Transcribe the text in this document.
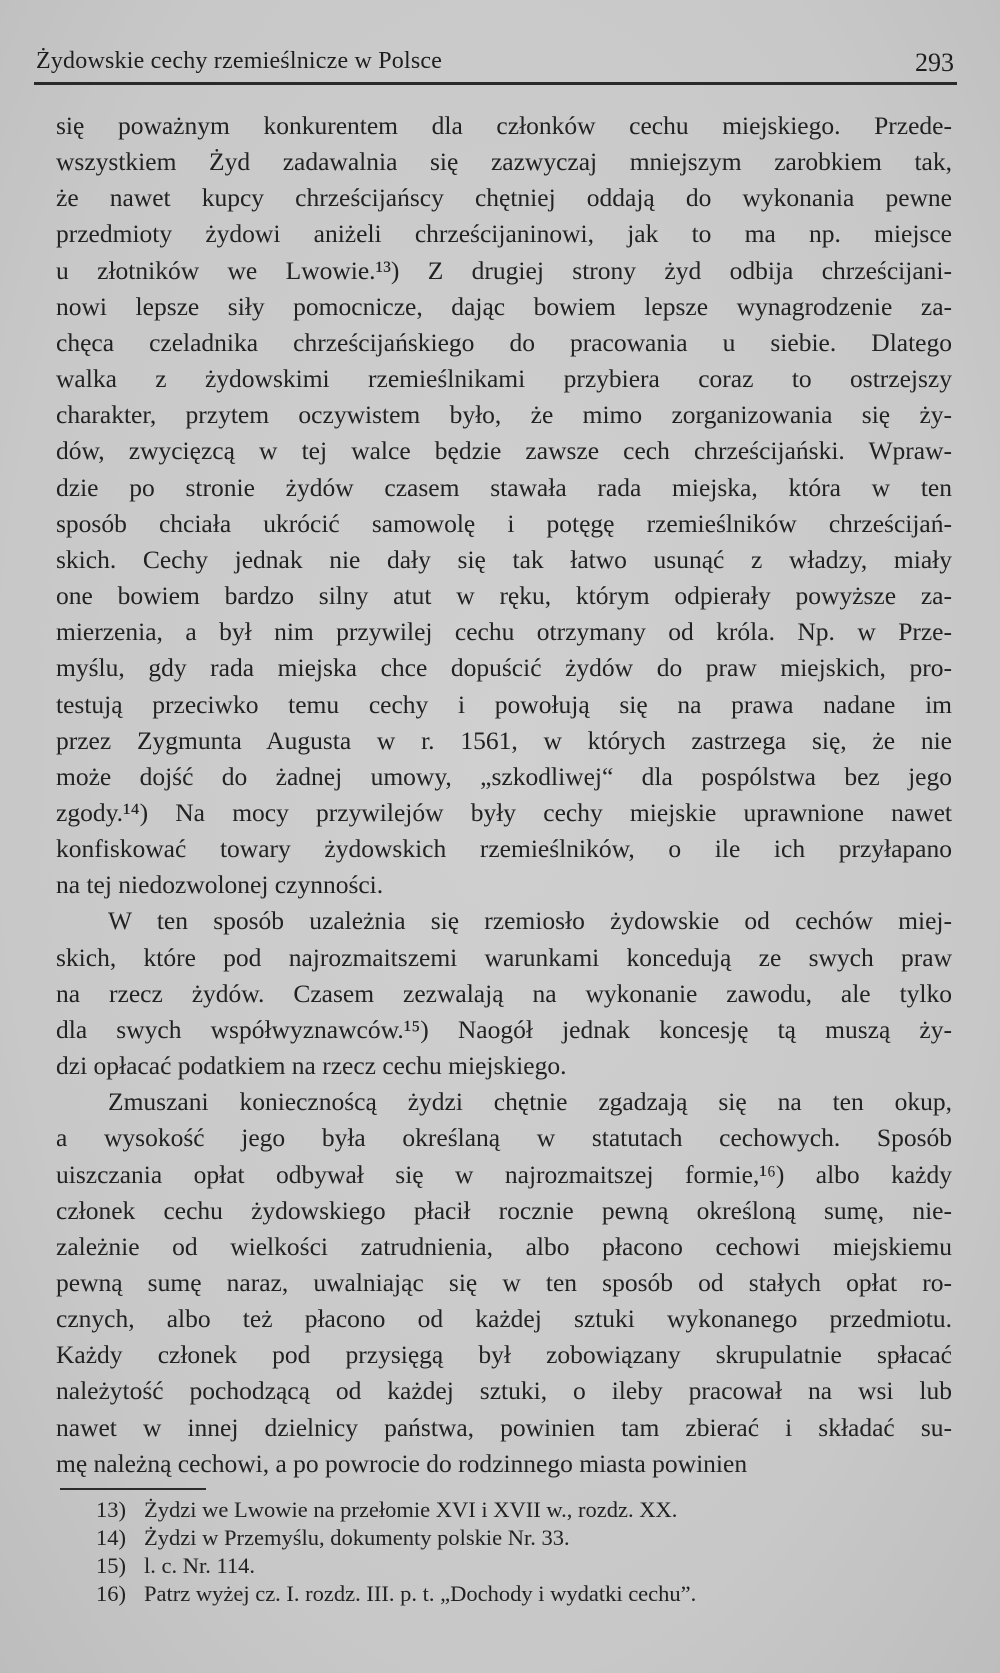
Żydowskie cechy rzemieślnicze w Polsce	293
się poważnym konkurentem dla członków cechu miejskiego. Przede-
wszystkiem Żyd zadawalnia się zazwyczaj mniejszym zarobkiem tak,
że nawet kupcy chrześcijańscy chętniej oddają do wykonania pewne
przedmioty żydowi aniżeli chrześcijaninowi, jak to ma np. miejsce
u złotników we Lwowie.¹³) Z drugiej strony żyd odbija chrześcijani-
nowi lepsze siły pomocnicze, dając bowiem lepsze wynagrodzenie za-
chęca czeladnika chrześcijańskiego do pracowania u siebie. Dlatego
walka z żydowskimi rzemieślnikami przybiera coraz to ostrzejszy
charakter, przytem oczywistem było, że mimo zorganizowania się ży-
dów, zwycięzcą w tej walce będzie zawsze cech chrześcijański. Wpraw-
dzie po stronie żydów czasem stawała rada miejska, która w ten
sposób chciała ukrócić samowolę i potęgę rzemieślników chrześcijań-
skich. Cechy jednak nie dały się tak łatwo usunąć z władzy, miały
one bowiem bardzo silny atut w ręku, którym odpierały powyższe za-
mierzenia, a był nim przywilej cechu otrzymany od króla. Np. w Prze-
myślu, gdy rada miejska chce dopuścić żydów do praw miejskich, pro-
testują przeciwko temu cechy i powołują się na prawa nadane im
przez Zygmunta Augusta w r. 1561, w których zastrzega się, że nie
może dojść do żadnej umowy, „szkodliwej“ dla pospólstwa bez jego
zgody.¹⁴) Na mocy przywilejów były cechy miejskie uprawnione nawet
konfiskować towary żydowskich rzemieślników, o ile ich przyłapano
na tej niedozwolonej czynności.
W ten sposób uzależnia się rzemiosło żydowskie od cechów miej-
skich, które pod najrozmaitszemi warunkami koncedują ze swych praw
na rzecz żydów. Czasem zezwalają na wykonanie zawodu, ale tylko
dla swych współwyznawców.¹⁵) Naogół jednak koncesję tą muszą ży-
dzi opłacać podatkiem na rzecz cechu miejskiego.
Zmuszani koniecznoścą żydzi chętnie zgadzają się na ten okup,
a wysokość jego była określaną w statutach cechowych. Sposób
uiszczania opłat odbywał się w najrozmaitszej formie,¹⁶) albo każdy
członek cechu żydowskiego płacił rocznie pewną określoną sumę, nie-
zależnie od wielkości zatrudnienia, albo płacono cechowi miejskiemu
pewną sumę naraz, uwalniając się w ten sposób od stałych opłat ro-
cznych, albo też płacono od każdej sztuki wykonanego przedmiotu.
Każdy członek pod przysięgą był zobowiązany skrupulatnie spłacać
należytość pochodzącą od każdej sztuki, o ileby pracował na wsi lub
nawet w innej dzielnicy państwa, powinien tam zbierać i składać su-
mę należną cechowi, a po powrocie do rodzinnego miasta powinien
13) Żydzi we Lwowie na przełomie XVI i XVII w., rozdz. XX.
14) Żydzi w Przemyślu, dokumenty polskie Nr. 33.
15) l. c. Nr. 114.
16) Patrz wyżej cz. I. rozdz. III. p. t. „Dochody i wydatki cechu”.
